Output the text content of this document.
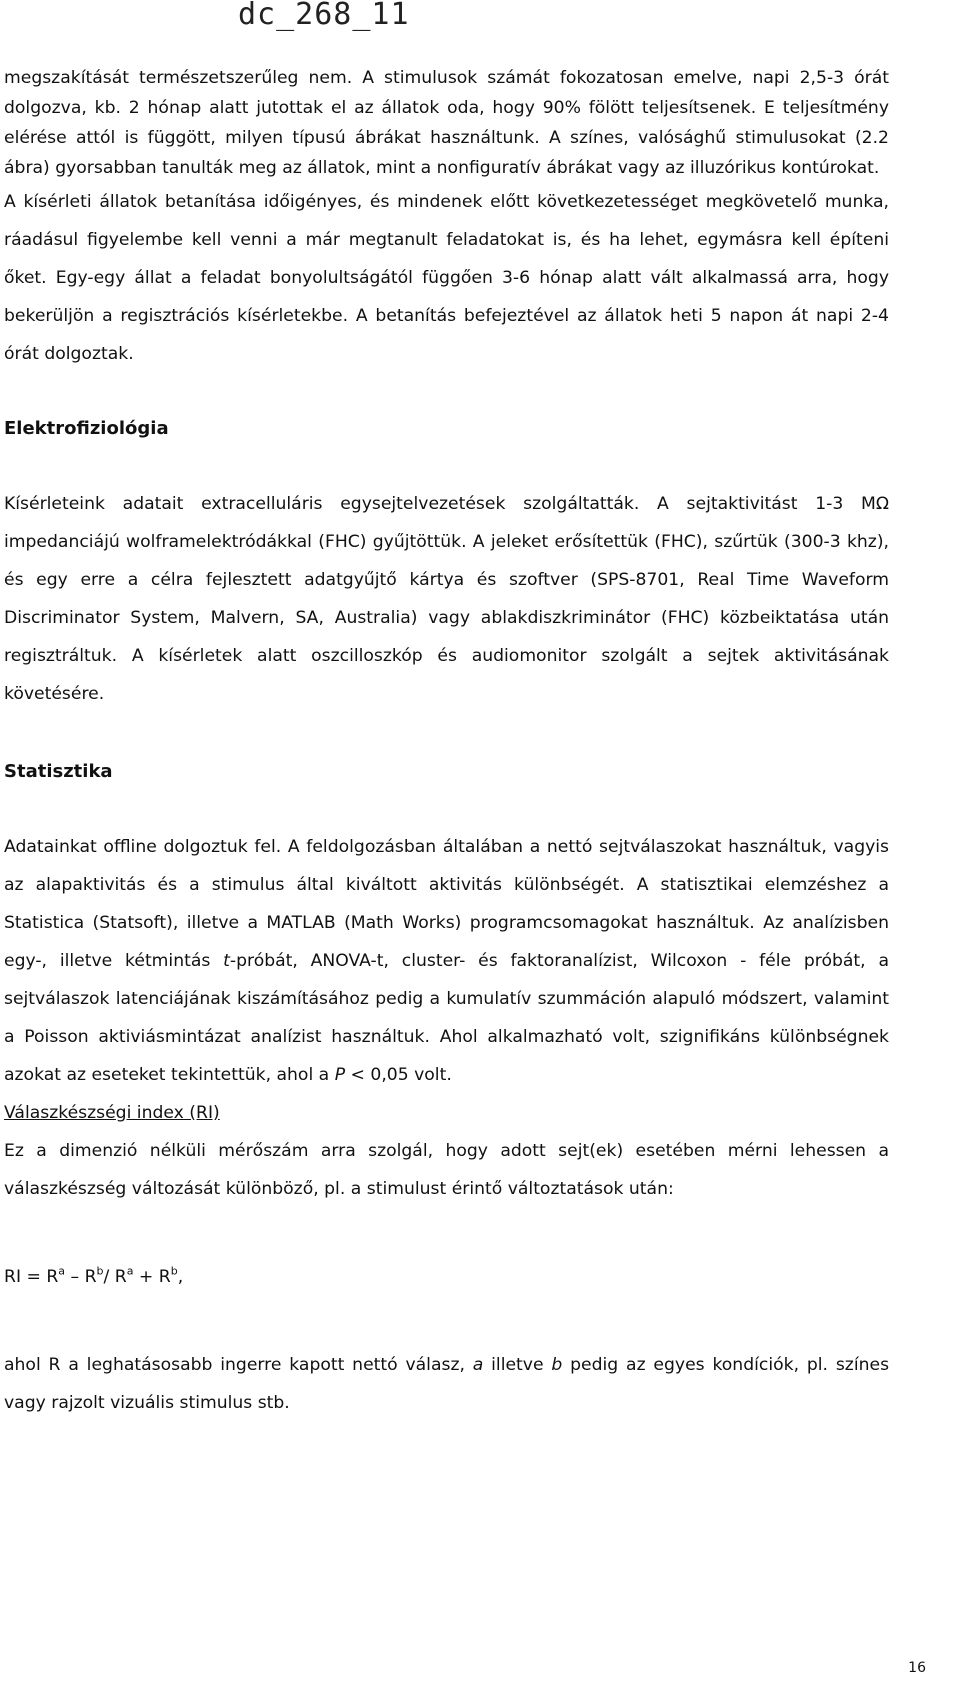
dc_268_11

megszakítását természetszerűleg nem. A stimulusok számát fokozatosan emelve, napi 2,5-3 órát dolgozva, kb. 2 hónap alatt jutottak el az állatok oda, hogy 90% fölött teljesítsenek. E teljesítmény elérése attól is függött, milyen típusú ábrákat használtunk. A színes, valósághű stimulusokat (2.2 ábra) gyorsabban tanulták meg az állatok, mint a nonfiguratív ábrákat vagy az illuzórikus kontúrokat.

A kísérleti állatok betanítása időigényes, és mindenek előtt következetességet megkövetelő munka, ráadásul figyelembe kell venni a már megtanult feladatokat is, és ha lehet, egymásra kell építeni őket. Egy-egy állat a feladat bonyolultságától függően 3-6 hónap alatt vált alkalmassá arra, hogy bekerüljön a regisztrációs kísérletekbe. A betanítás befejeztével az állatok heti 5 napon át napi 2-4 órát dolgoztak.

Elektrofiziológia

Kísérleteink adatait extracelluláris egysejtelvezetések szolgáltatták. A sejtaktivitást 1-3 MΩ impedanciájú wolframelektródákkal (FHC) gyűjtöttük. A jeleket erősítettük (FHC), szűrtük (300-3 khz), és egy erre a célra fejlesztett adatgyűjtő kártya és szoftver (SPS-8701, Real Time Waveform Discriminator System, Malvern, SA, Australia) vagy ablakdiszkriminátor (FHC) közbeiktatása után regisztráltuk. A kísérletek alatt oszcilloszkóp és audiomonitor szolgált a sejtek aktivitásának követésére.

Statisztika

Adatainkat offline dolgoztuk fel. A feldolgozásban általában a nettó sejtválaszokat használtuk, vagyis az alapaktivitás és a stimulus által kiváltott aktivitás különbségét. A statisztikai elemzéshez a Statistica (Statsoft), illetve a MATLAB (Math Works) programcsomagokat használtuk. Az analízisben egy-, illetve kétmintás t-próbát, ANOVA-t, cluster- és faktoranalízist, Wilcoxon - féle próbát, a sejtválaszok latenciájának kiszámításához pedig a kumulatív szummáción alapuló módszert, valamint a Poisson aktiviásmintázat analízist használtuk. Ahol alkalmazható volt, szignifikáns különbségnek azokat az eseteket tekintettük, ahol a P < 0,05 volt.

Válaszkészségi index (RI)

Ez a dimenzió nélküli mérőszám arra szolgál, hogy adott sejt(ek) esetében mérni lehessen a válaszkészség változását különböző, pl. a stimulust érintő változtatások után:

RI = $R^a - R^b/$ $R^a + R^b$,

ahol R a leghatásosabb ingerre kapott nettó válasz, a illetve b pedig az egyes kondíciók, pl. színes vagy rajzolt vizuális stimulus stb.

16
